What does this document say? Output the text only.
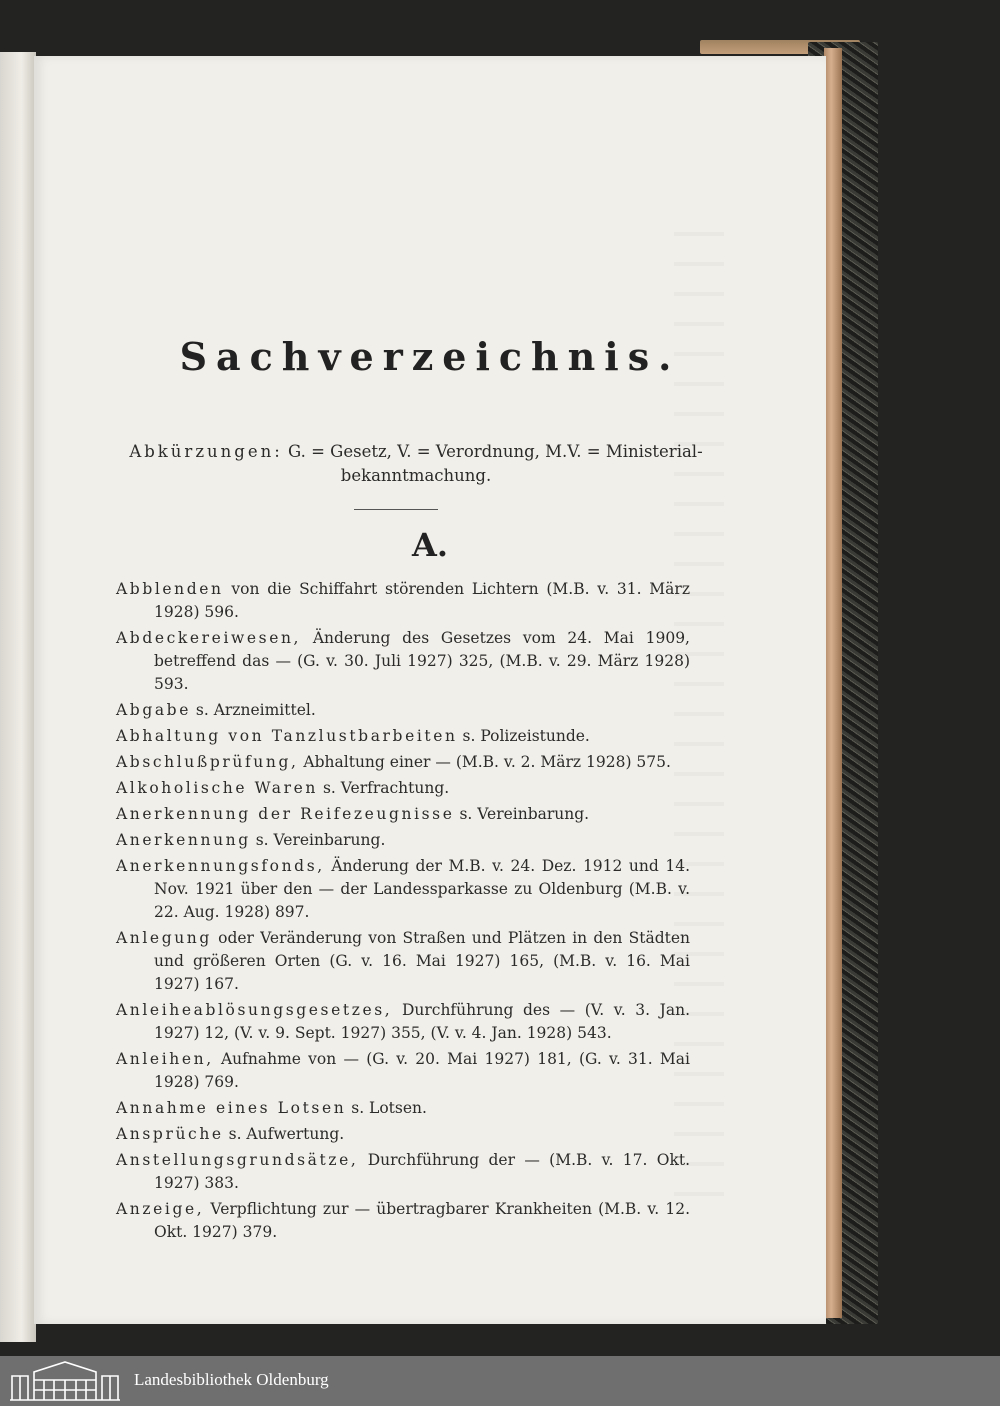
Sachverzeichnis.
Abkürzungen: G. = Gesetz, V. = Verordnung, M.V. = Ministerial-bekanntmachung.
A.

Abblenden von die Schiffahrt störenden Lichtern (M.B. v. 31. März 1928) 596.

Abdeckereiwesen, Änderung des Gesetzes vom 24. Mai 1909, betreffend das — (G. v. 30. Juli 1927) 325, (M.B. v. 29. März 1928) 593.

Abgabe s. Arzneimittel.

Abhaltung von Tanzlustbarbeiten s. Polizeistunde.

Abschlußprüfung, Abhaltung einer — (M.B. v. 2. März 1928) 575.

Alkoholische Waren s. Verfrachtung.

Anerkennung der Reifezeugnisse s. Vereinbarung.

Anerkennung s. Vereinbarung.

Anerkennungsfonds, Änderung der M.B. v. 24. Dez. 1912 und 14. Nov. 1921 über den — der Landessparkasse zu Oldenburg (M.B. v. 22. Aug. 1928) 897.

Anlegung oder Veränderung von Straßen und Plätzen in den Städten und größeren Orten (G. v. 16. Mai 1927) 165, (M.B. v. 16. Mai 1927) 167.

Anleiheablösungsgesetzes, Durchführung des — (V. v. 3. Jan. 1927) 12, (V. v. 9. Sept. 1927) 355, (V. v. 4. Jan. 1928) 543.

Anleihen, Aufnahme von — (G. v. 20. Mai 1927) 181, (G. v. 31. Mai 1928) 769.

Annahme eines Lotsen s. Lotsen.

Ansprüche s. Aufwertung.

Anstellungsgrundsätze, Durchführung der — (M.B. v. 17. Okt. 1927) 383.

Anzeige, Verpflichtung zur — übertragbarer Krankheiten (M.B. v. 12. Okt. 1927) 379.

Landesbibliothek Oldenburg
